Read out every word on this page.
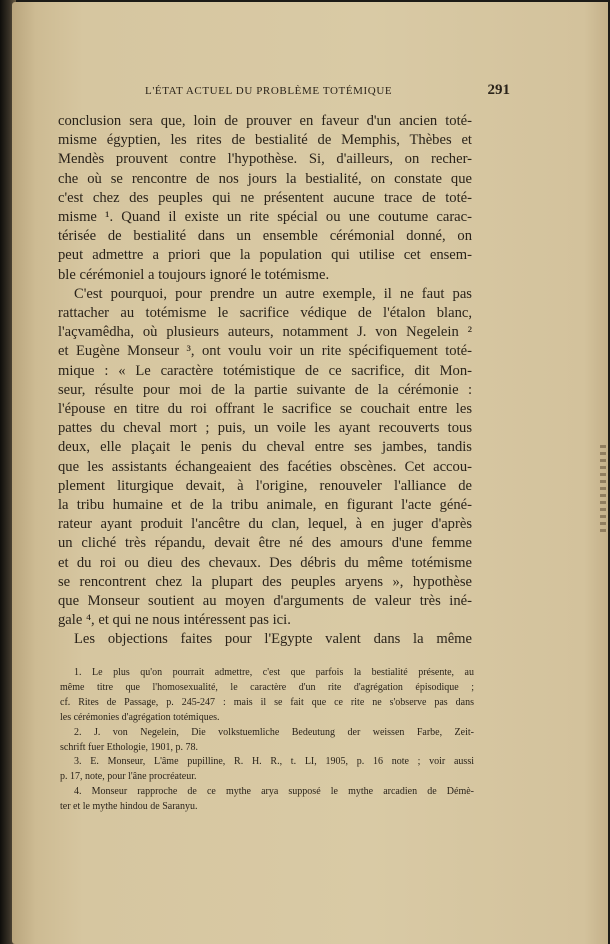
L'ÉTAT ACTUEL DU PROBLÈME TOTÉMIQUE	291
conclusion sera que, loin de prouver en faveur d'un ancien toté-
misme égyptien, les rites de bestialité de Memphis, Thèbes et
Mendès prouvent contre l'hypothèse. Si, d'ailleurs, on recher-
che où se rencontre de nos jours la bestialité, on constate que
c'est chez des peuples qui ne présentent aucune trace de toté-
misme ¹. Quand il existe un rite spécial ou une coutume carac-
térisée de bestialité dans un ensemble cérémonial donné, on
peut admettre a priori que la population qui utilise cet ensem-
ble cérémoniel a toujours ignoré le totémisme.
C'est pourquoi, pour prendre un autre exemple, il ne faut pas
rattacher au totémisme le sacrifice védique de l'étalon blanc,
l'açvamêdha, où plusieurs auteurs, notamment J. von Negelein ²
et Eugène Monseur ³, ont voulu voir un rite spécifiquement toté-
mique : « Le caractère totémistique de ce sacrifice, dit Mon-
seur, résulte pour moi de la partie suivante de la cérémonie :
l'épouse en titre du roi offrant le sacrifice se couchait entre les
pattes du cheval mort ; puis, un voile les ayant recouverts tous
deux, elle plaçait le penis du cheval entre ses jambes, tandis
que les assistants échangeaient des facéties obscènes. Cet accou-
plement liturgique devait, à l'origine, renouveler l'alliance de
la tribu humaine et de la tribu animale, en figurant l'acte géné-
rateur ayant produit l'ancêtre du clan, lequel, à en juger d'après
un cliché très répandu, devait être né des amours d'une femme
et du roi ou dieu des chevaux. Des débris du même totémisme
se rencontrent chez la plupart des peuples aryens », hypothèse
que Monseur soutient au moyen d'arguments de valeur très iné-
gale ⁴, et qui ne nous intéressent pas ici.
Les objections faites pour l'Egypte valent dans la même
1. Le plus qu'on pourrait admettre, c'est que parfois la bestialité présente, au
même titre que l'homosexualité, le caractère d'un rite d'agrégation épisodique ;
cf. Rites de Passage, p. 245-247 : mais il se fait que ce rite ne s'observe pas dans
les cérémonies d'agrégation totémiques.
2. J. von Negelein, Die volkstuemliche Bedeutung der weissen Farbe, Zeit-
schrift fuer Ethologie, 1901, p. 78.
3. E. Monseur, L'âme pupilline, R. H. R., t. LI, 1905, p. 16 note ; voir aussi
p. 17, note, pour l'âne procréateur.
4. Monseur rapproche de ce mythe arya supposé le mythe arcadien de Démè-
ter et le mythe hindou de Saranyu.
